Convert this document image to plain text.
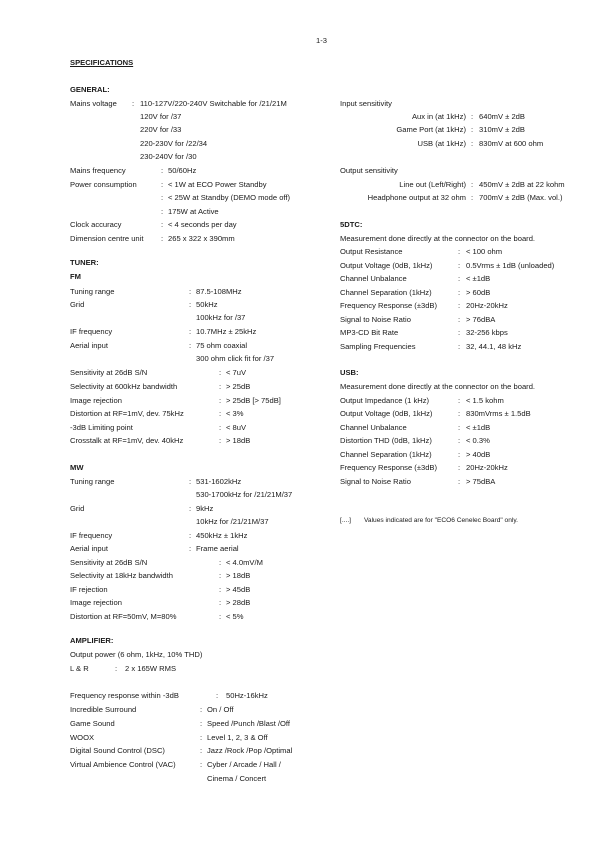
1-3
SPECIFICATIONS
GENERAL:
Mains voltage : 110-127V/220-240V Switchable for /21/21M
120V for /37
220V for /33
220-230V for /22/34
230-240V for /30
Mains frequency	: 50/60Hz
Power consumption	: < 1W at ECO Power Standby
: < 25W at Standby (DEMO mode off)
: 175W at Active
Clock accuracy	: < 4 seconds per day
Dimension centre unit : 265 x 322 x 390mm
TUNER:
FM
Tuning range	: 87.5-108MHz
Grid	: 50kHz
100kHz for /37
IF frequency	: 10.7MHz ± 25kHz
Aerial input	: 75 ohm coaxial
300 ohm click fit for /37
Sensitivity at 26dB S/N	: < 7uV
Selectivity at 600kHz bandwidth	: > 25dB
Image rejection	: > 25dB [> 75dB]
Distortion at RF=1mV, dev. 75kHz	: < 3%
-3dB Limiting point	: < 8uV
Crosstalk at RF=1mV, dev. 40kHz	: > 18dB
MW
Tuning range	: 531-1602kHz
530-1700kHz for /21/21M/37
Grid	: 9kHz
10kHz for /21/21M/37
IF frequency	: 450kHz ± 1kHz
Aerial input	: Frame aerial
Sensitivity at 26dB S/N	: < 4.0mV/M
Selectivity at 18kHz bandwidth	: > 18dB
IF rejection	: > 45dB
Image rejection	: > 28dB
Distortion at RF=50mV, M=80%	: < 5%
AMPLIFIER:
Output power (6 ohm, 1kHz, 10% THD)
L & R	: 2 x 165W RMS
Frequency response within -3dB	: 50Hz-16kHz
Incredible Surround	: On / Off
Game Sound	: Speed /Punch /Blast /Off
WOOX	: Level 1, 2, 3 & Off
Digital Sound Control (DSC)	: Jazz /Rock /Pop /Optimal
Virtual Ambience Control (VAC)	: Cyber / Arcade / Hall /
Cinema / Concert
Input sensitivity
Aux in (at 1kHz) : 640mV ± 2dB
Game Port (at 1kHz) : 310mV ± 2dB
USB (at 1kHz) : 830mV at 600 ohm
Output sensitivity
Line out (Left/Right) : 450mV ± 2dB at 22 kohm
Headphone output at 32 ohm : 700mV ± 2dB (Max. vol.)
5DTC:
Measurement done directly at the connector on the board.
Output Resistance	: < 100 ohm
Output Voltage (0dB, 1kHz)	: 0.5Vrms ± 1dB (unloaded)
Channel Unbalance	: < ±1dB
Channel Separation (1kHz)	: > 60dB
Frequency Response (±3dB)	: 20Hz-20kHz
Signal to Noise Ratio	: > 76dBA
MP3-CD Bit Rate	: 32-256 kbps
Sampling Frequencies	: 32, 44.1, 48 kHz
USB:
Measurement done directly at the connector on the board.
Output Impedance (1 kHz)	: < 1.5 kohm
Output Voltage (0dB, 1kHz)	: 830mVrms ± 1.5dB
Channel Unbalance	: < ±1dB
Distortion THD (0dB, 1kHz)	: < 0.3%
Channel Separation (1kHz)	: > 40dB
Frequency Response (±3dB)	: 20Hz-20kHz
Signal to Noise Ratio	: > 75dBA
[....] Values indicated are for "ECO6 Cenelec Board" only.
